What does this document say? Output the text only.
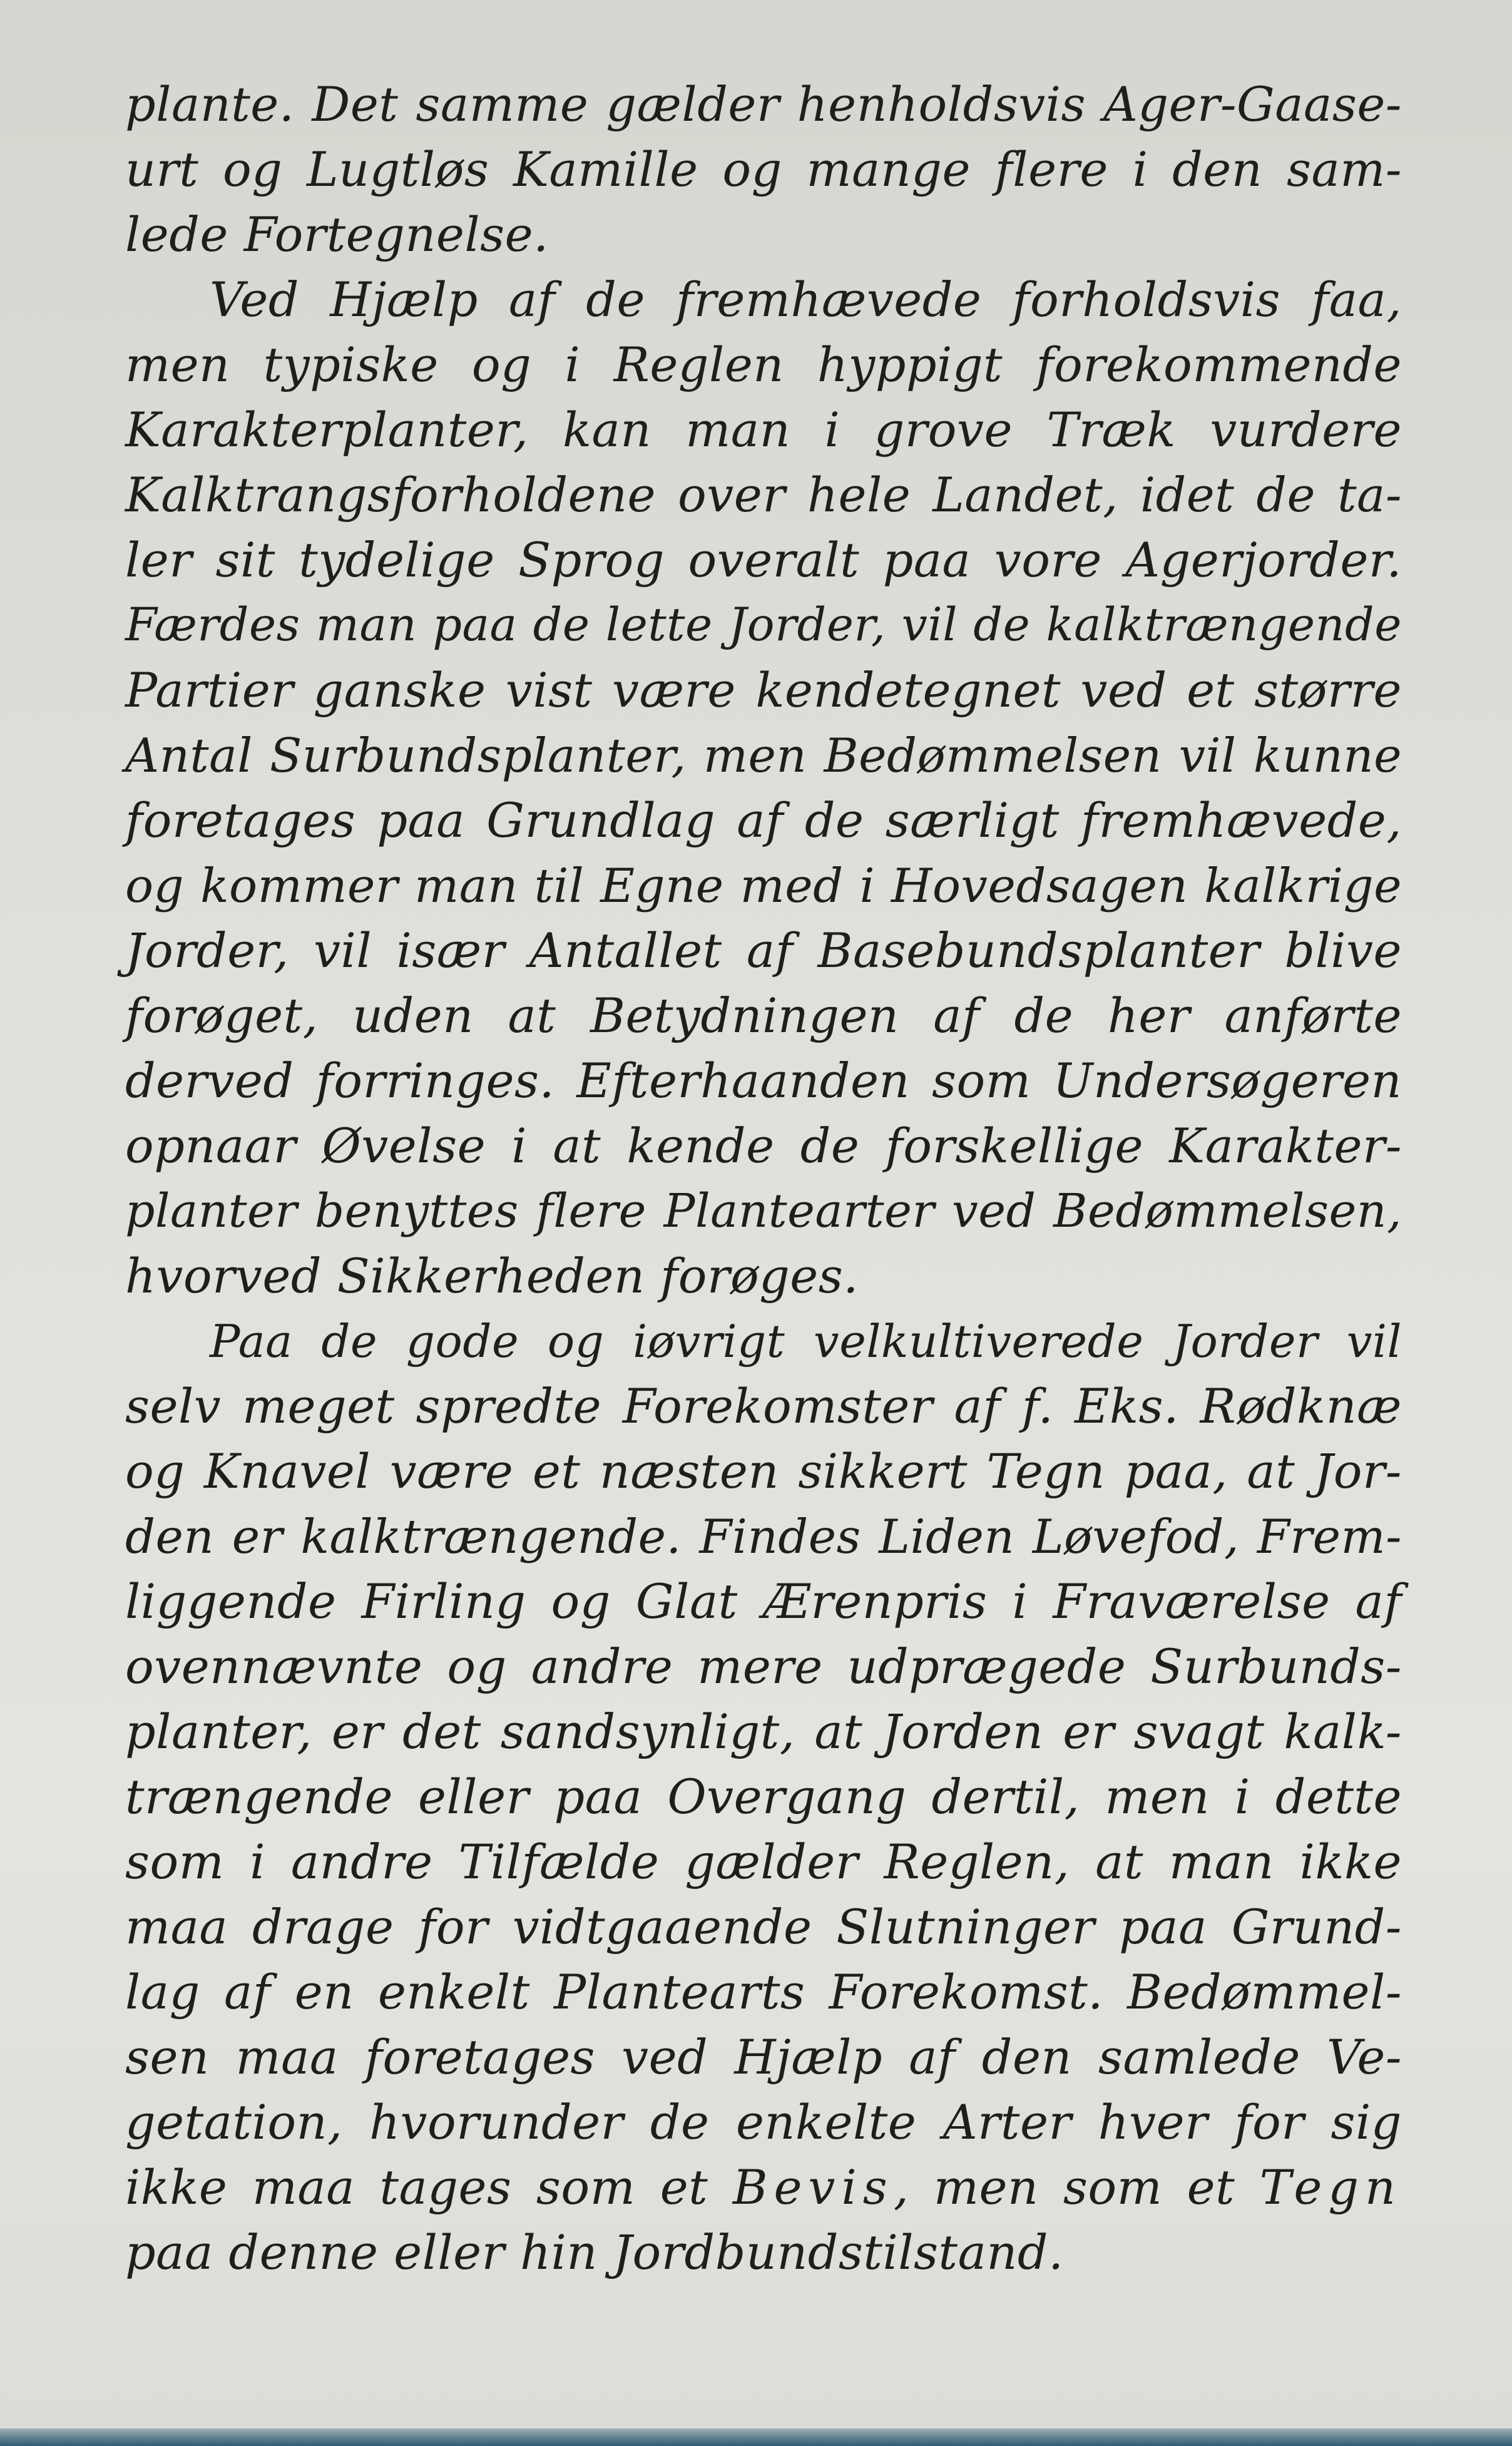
plante. Det samme gælder henholdsvis Ager-Gaase-
urt og Lugtløs Kamille og mange flere i den sam-
lede Fortegnelse.
Ved Hjælp af de fremhævede forholdsvis faa,
men typiske og i Reglen hyppigt forekommende
Karakterplanter, kan man i grove Træk vurdere
Kalktrangsforholdene over hele Landet, idet de ta-
ler sit tydelige Sprog overalt paa vore Agerjorder.
Færdes man paa de lette Jorder, vil de kalktrængende
Partier ganske vist være kendetegnet ved et større
Antal Surbundsplanter, men Bedømmelsen vil kunne
foretages paa Grundlag af de særligt fremhævede,
og kommer man til Egne med i Hovedsagen kalkrige
Jorder, vil især Antallet af Basebundsplanter blive
forøget, uden at Betydningen af de her anførte
derved forringes. Efterhaanden som Undersøgeren
opnaar Øvelse i at kende de forskellige Karakter-
planter benyttes flere Plantearter ved Bedømmelsen,
hvorved Sikkerheden forøges.
Paa de gode og iøvrigt velkultiverede Jorder vil
selv meget spredte Forekomster af f. Eks. Rødknæ
og Knavel være et næsten sikkert Tegn paa, at Jor-
den er kalktrængende. Findes Liden Løvefod, Frem-
liggende Firling og Glat Ærenpris i Fraværelse af
ovennævnte og andre mere udprægede Surbunds-
planter, er det sandsynligt, at Jorden er svagt kalk-
trængende eller paa Overgang dertil, men i dette
som i andre Tilfælde gælder Reglen, at man ikke
maa drage for vidtgaaende Slutninger paa Grund-
lag af en enkelt Plantearts Forekomst. Bedømmel-
sen maa foretages ved Hjælp af den samlede Ve-
getation, hvorunder de enkelte Arter hver for sig
ikke maa tages som et Bevis, men som et Tegn
paa denne eller hin Jordbundstilstand.
